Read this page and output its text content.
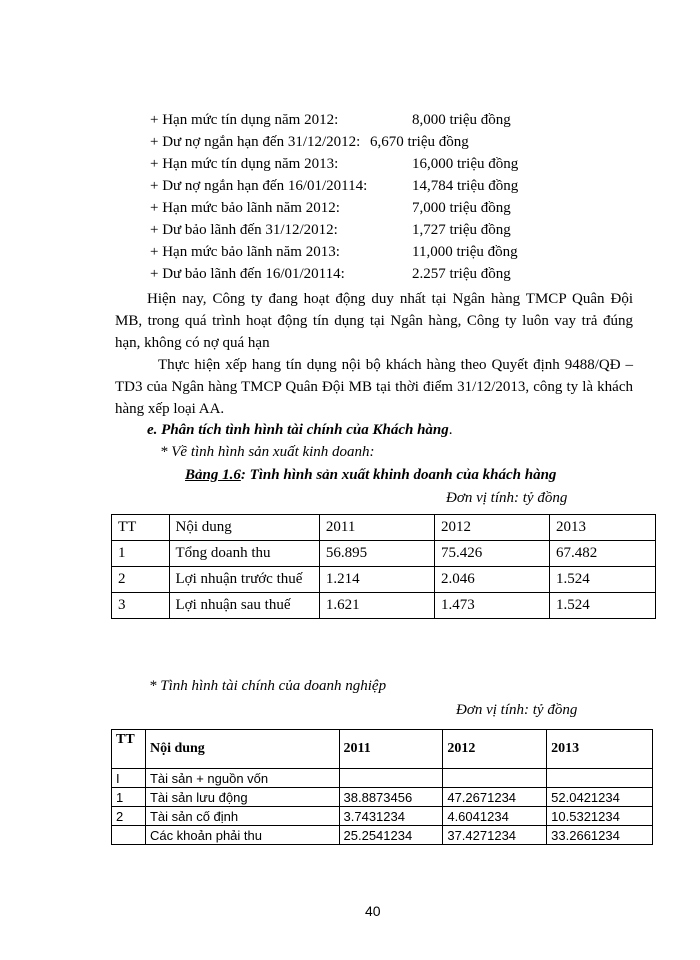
+ Hạn mức tín dụng năm 2012:	8,000 triệu đồng
+ Dư nợ ngắn hạn đến 31/12/2012: 6,670 triệu đồng
+ Hạn mức tín dụng năm 2013:	16,000 triệu đồng
+ Dư nợ ngắn hạn đến 16/01/20114:	14,784 triệu đồng
+ Hạn mức bảo lãnh năm 2012:	7,000 triệu đồng
+ Dư bảo lãnh đến 31/12/2012:	1,727 triệu đồng
+ Hạn mức bảo lãnh năm 2013:	11,000 triệu đồng
+ Dư bảo lãnh đến 16/01/20114:	2.257 triệu đồng
Hiện nay, Công ty đang hoạt động duy nhất tại Ngân hàng TMCP Quân Đội MB, trong quá trình hoạt động tín dụng tại Ngân hàng, Công ty luôn vay trả đúng hạn, không có nợ quá hạn
Thực hiện xếp hang tín dụng nội bộ khách hàng theo Quyết định 9488/QĐ – TD3 của Ngân hàng TMCP Quân Đội MB tại thời điểm 31/12/2013, công ty là khách hàng xếp loại AA.
e. Phân tích tình hình tài chính của Khách hàng.
* Về tình hình sản xuất kinh doanh:
Bảng 1.6: Tình hình sản xuất khinh doanh của khách hàng
Đơn vị tính: tỷ đồng
TT	Nội dung	2011	2012	2013
1	Tổng doanh thu	56.895	75.426	67.482
2	Lợi nhuận trước thuế	1.214	2.046	1.524
3	Lợi nhuận sau thuế	1.621	1.473	1.524
* Tình hình tài chính của doanh nghiệp
Đơn vị tính: tỷ đồng
TT	Nội dung	2011	2012	2013
I	Tài sản + nguồn vốn			
1	Tài sản lưu động	38.8873456	47.2671234	52.0421234
2	Tài sản cố định	3.7431234	4.6041234	10.5321234
	Các khoản phải thu	25.2541234	37.4271234	33.2661234
40
